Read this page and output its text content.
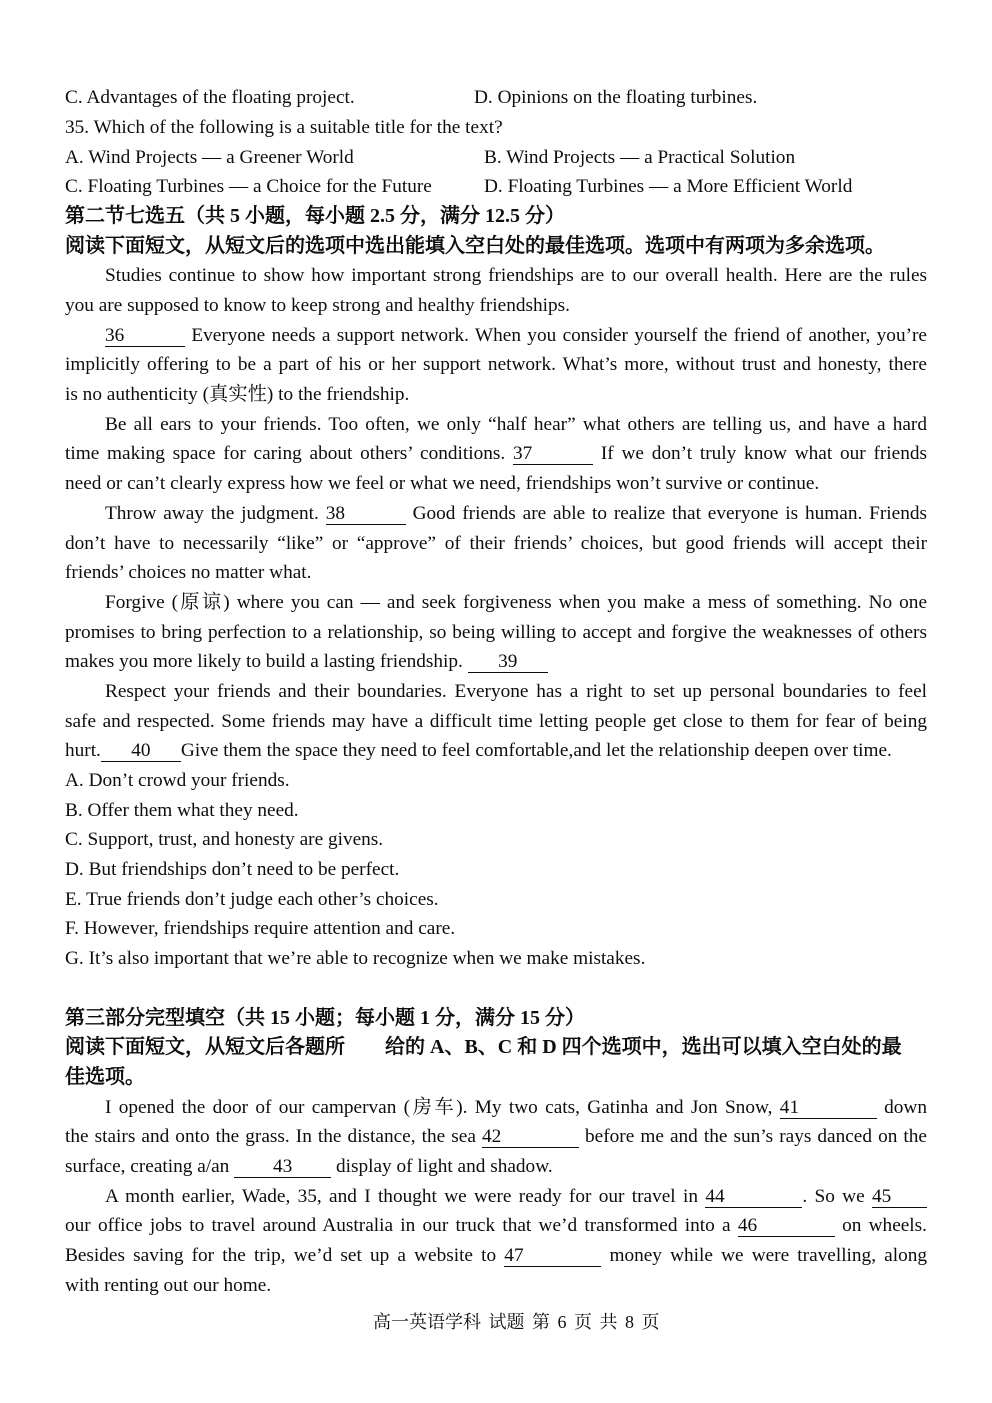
C. Advantages of the floating project.	D. Opinions on the floating turbines.
35. Which of the following is a suitable title for the text?
A. Wind Projects — a Greener World	B. Wind Projects — a Practical Solution
C. Floating Turbines — a Choice for the Future	D. Floating Turbines — a More Efficient World
第二节七选五（共 5 小题，每小题 2.5 分，满分 12.5 分）
阅读下面短文，从短文后的选项中选出能填入空白处的最佳选项。选项中有两项为多余选项。
Studies continue to show how important strong friendships are to our overall health. Here are the rules
you are supposed to know to keep strong and healthy friendships.
36	Everyone needs a support network. When you consider yourself the friend of another, you’re
implicitly offering to be a part of his or her support network. What’s more, without trust and honesty, there
is no authenticity (真实性) to the friendship.
Be all ears to your friends. Too often, we only “half hear” what others are telling us, and have a hard
time making space for caring about others’ conditions. 37	If we don’t truly know what our friends
need or can’t clearly express how we feel or what we need, friendships won’t survive or continue.
Throw away the judgment. 38	Good friends are able to realize that everyone is human. Friends
don’t have to necessarily “like” or “approve” of their friends’ choices, but good friends will accept their
friends’ choices no matter what.
Forgive (原谅) where you can — and seek forgiveness when you make a mess of something. No one
promises to bring perfection to a relationship, so being willing to accept and forgive the weaknesses of others
makes you more likely to build a lasting friendship. 39
Respect your friends and their boundaries. Everyone has a right to set up personal boundaries to feel
safe and respected. Some friends may have a difficult time letting people get close to them for fear of being
hurt. 40 Give them the space they need to feel comfortable,and let the relationship deepen over time.
A. Don’t crowd your friends.
B. Offer them what they need.
C. Support, trust, and honesty are givens.
D. But friendships don’t need to be perfect.
E. True friends don’t judge each other’s choices.
F. However, friendships require attention and care.
G. It’s also important that we’re able to recognize when we make mistakes.
第三部分完型填空（共 15 小题；每小题 1 分，满分 15 分）
阅读下面短文，从短文后各题所　　给的 A、B、C 和 D 四个选项中，选出可以填入空白处的最
佳选项。
I opened the door of our campervan (房车). My two cats, Gatinha and Jon Snow, 41	down
the stairs and onto the grass. In the distance, the sea 42	before me and the sun’s rays danced on the
surface, creating a/an 43 display of light and shadow.
A month earlier, Wade, 35, and I thought we were ready for our travel in 44	. So we 45
our office jobs to travel around Australia in our truck that we’d transformed into a 46	on wheels.
Besides saving for the trip, we’d set up a website to 47	money while we were travelling, along
with renting out our home.
高一英语学科 试题 第 6 页 共 8 页
